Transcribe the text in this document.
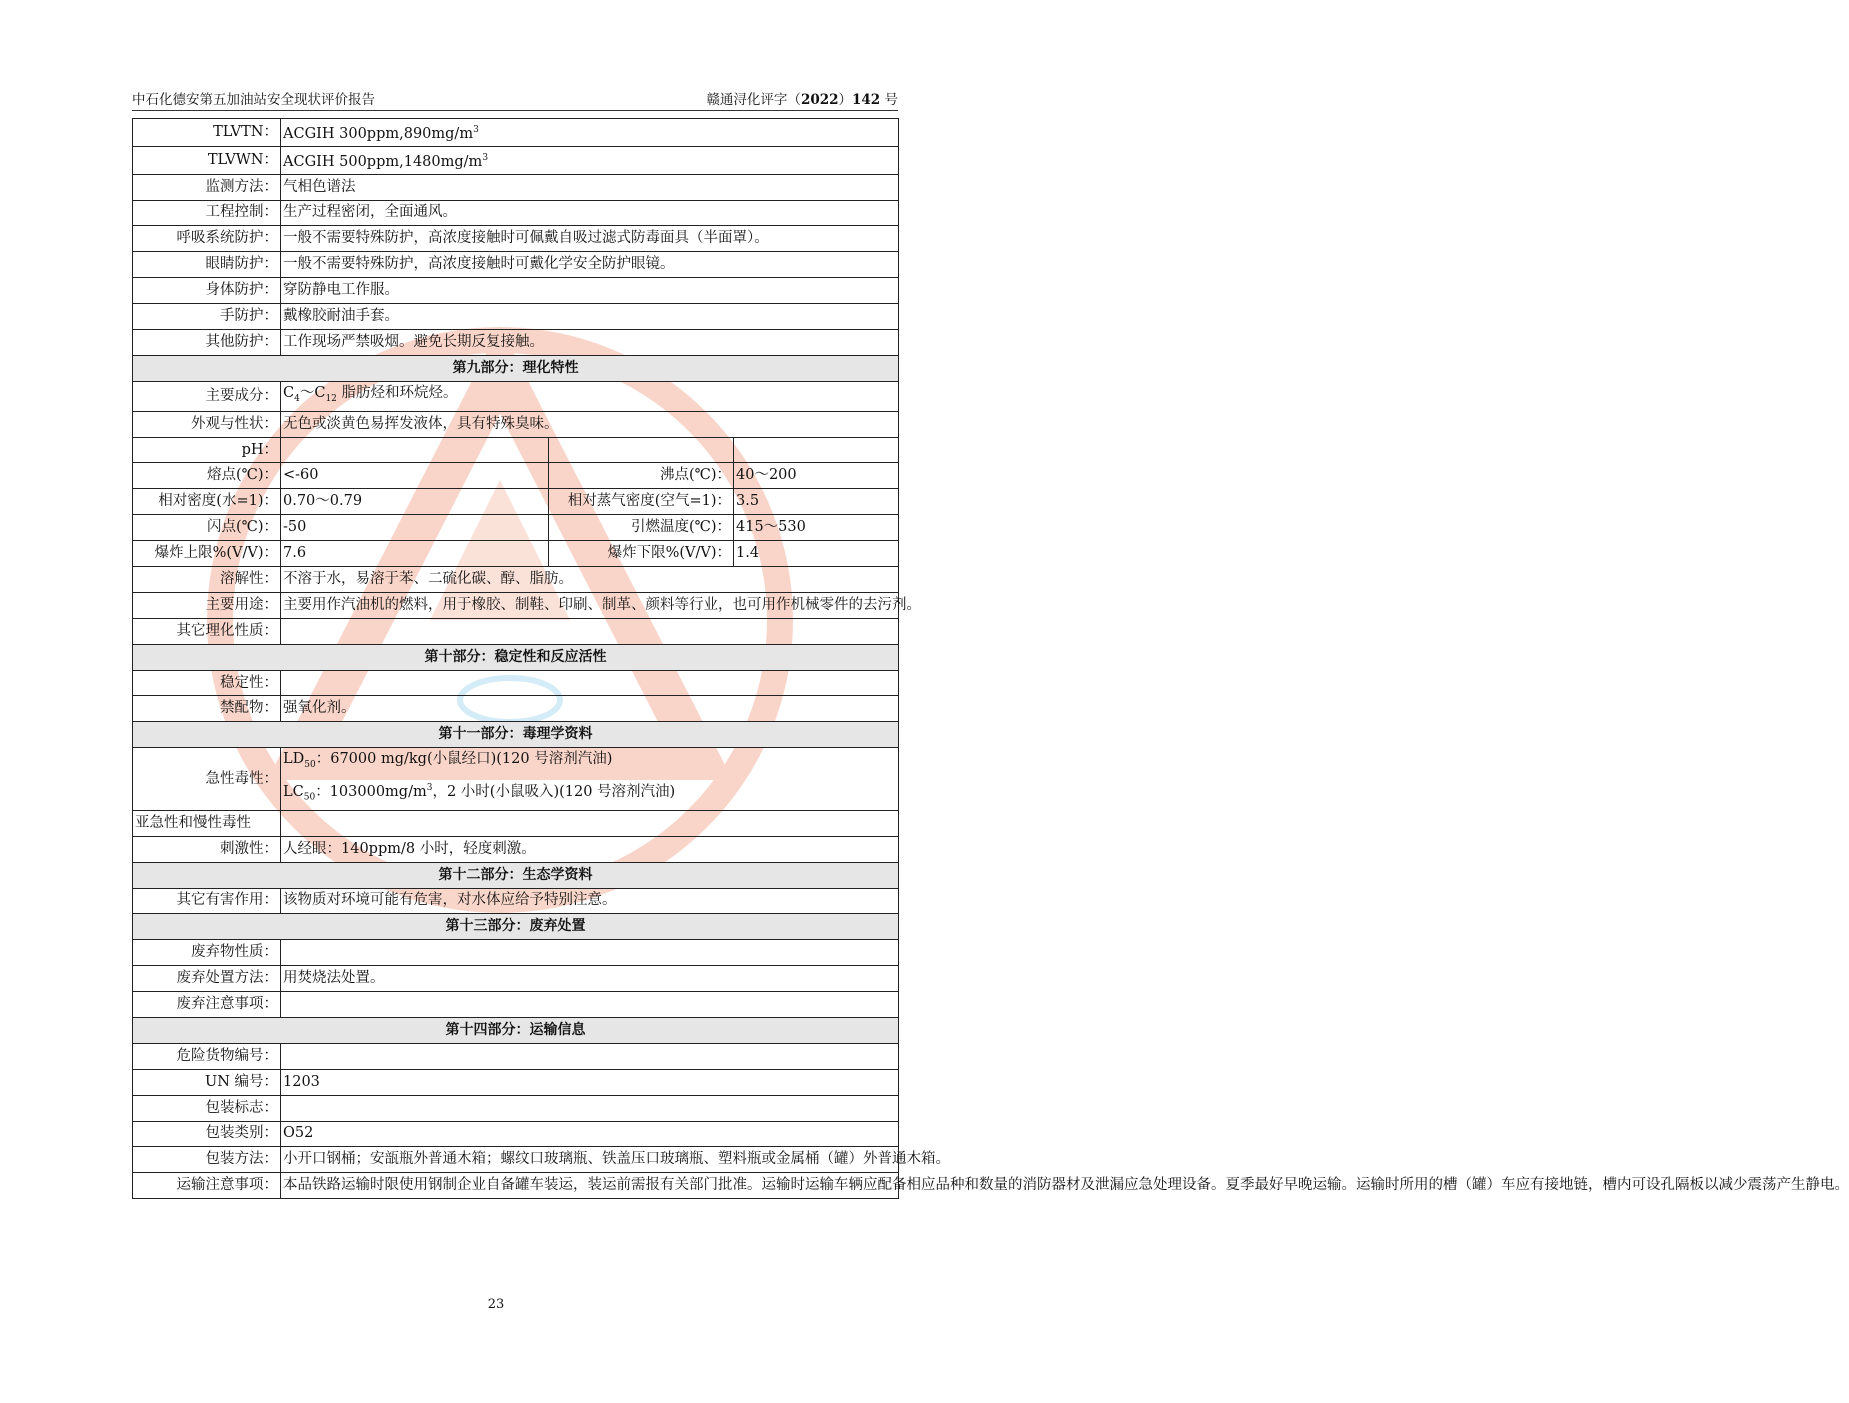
中石化德安第五加油站安全现状评价报告	赣通浔化评字（2022）142 号
TLVTN：	ACGIH $300ppm,890mg/m^3$
TLVWN：	ACGIH $500ppm,1480mg/m^3$
监测方法：	气相色谱法		
工程控制：	生产过程密闭，全面通风。		
呼吸系统防护：	一般不需要特殊防护，高浓度接触时可佩戴自吸过滤式防毒面具（半面罩）。		
眼睛防护：	一般不需要特殊防护，高浓度接触时可戴化学安全防护眼镜。		
身体防护：	穿防静电工作服。		
手防护：	戴橡胶耐油手套。		
其他防护：	工作现场严禁吸烟。避免长期反复接触。		
第九部分：理化特性			
主要成分：	$C_4\sim C_{12}$ 脂肪烃和环烷烃。		
外观与性状：	无色或淡黄色易挥发液体，具有特殊臭味。		
pH：			
熔点(℃)：	<-60	沸点(℃)：	40～200
相对密度(水=1)：	0.70～0.79	相对蒸气密度(空气=1)：	3.5
闪点(℃)：	-50	引燃温度(℃)：	415～530
爆炸上限%(V/V)：	7.6	爆炸下限%(V/V)：	1.4
溶解性：	不溶于水，易溶于苯、二硫化碳、醇、脂肪。		
主要用途：	主要用作汽油机的燃料，用于橡胶、制鞋、印刷、制革、颜料等行业，也可用作机械零件的去污剂。		
其它理化性质：			
第十部分：稳定性和反应活性			
稳定性：			
禁配物：	强氧化剂。		
第十一部分：毒理学资料			
急性毒性：	$LD_{50}$：67000 mg/kg(小鼠经口)(120 号溶剂汽油)
$LC_{50}$：$103000mg/m^3$，2 小时(小鼠吸入)(120 号溶剂汽油)		

亚急性和慢性毒性			
刺激性：	人经眼：140ppm/8 小时，轻度刺激。		
第十二部分：生态学资料			
其它有害作用：	该物质对环境可能有危害，对水体应给予特别注意。		
第十三部分：废弃处置			
废弃物性质：			
废弃处置方法：	用焚烧法处置。		
废弃注意事项：			
第十四部分：运输信息			
危险货物编号：			
UN 编号：	1203		
包装标志：			
包装类别：	O52		
包装方法：	小开口钢桶；安瓿瓶外普通木箱；螺纹口玻璃瓶、铁盖压口玻璃瓶、塑料瓶或金属桶（罐）外普通木箱。		
运输注意事项：	本品铁路运输时限使用钢制企业自备罐车装运，装运前需报有关部门批准。运输时运输车辆应配备相应品种和数量的消防器材及泄漏应急处理设备。夏季最好早晚运输。运输时所用的槽（罐）车应有接地链，槽内可设孔隔板以减少震荡产生静电。		
23
